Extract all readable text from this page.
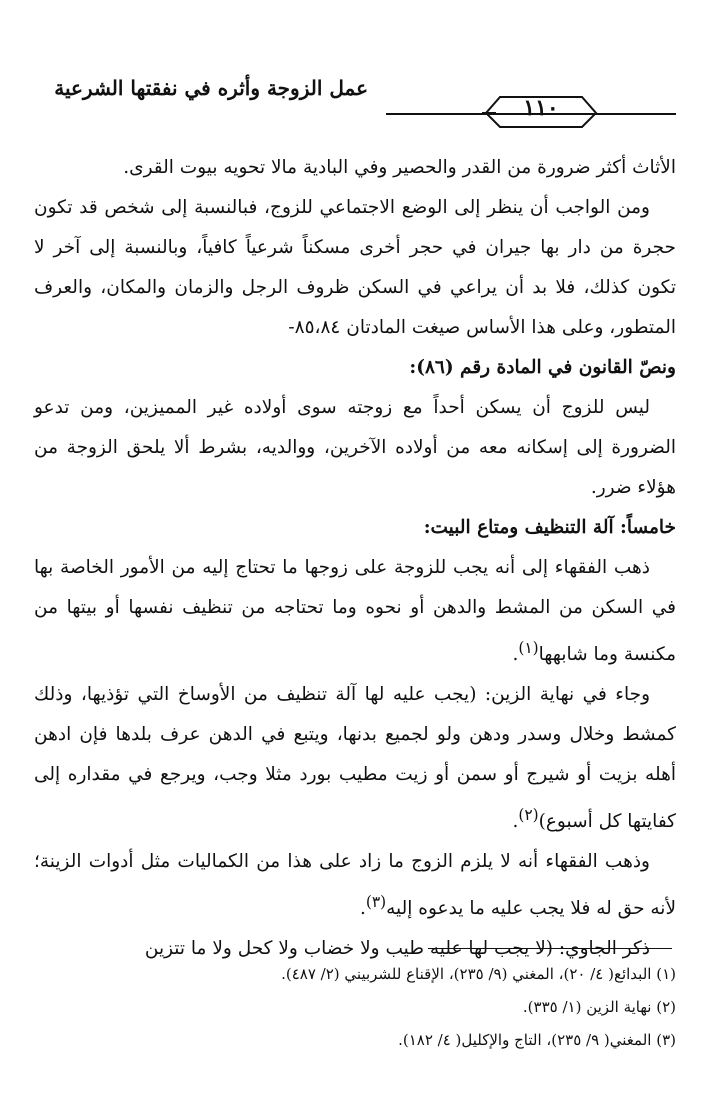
عمل الزوجة وأثره في نفقتها الشرعية
١١٠

الأثاث أكثر ضرورة من القدر والحصير وفي البادية مالا تحويه بيوت القرى.

ومن الواجب أن ينظر إلى الوضع الاجتماعي للزوج، فبالنسبة إلى شخص قد تكون حجرة من دار بها جيران في حجر أخرى مسكناً شرعياً كافياً، وبالنسبة إلى آخر لا تكون كذلك، فلا بد أن يراعي في السكن ظروف الرجل والزمان والمكان، والعرف المتطور، وعلى هذا الأساس صيغت المادتان ٨٥،٨٤-

ونصّ القانون في المادة رقم (٨٦):

ليس للزوج أن يسكن أحداً مع زوجته سوى أولاده غير المميزين، ومن تدعو الضرورة إلى إسكانه معه من أولاده الآخرين، ووالديه، بشرط ألا يلحق الزوجة من هؤلاء ضرر.

خامساً: آلة التنظيف ومتاع البيت:

ذهب الفقهاء إلى أنه يجب للزوجة على زوجها ما تحتاج إليه من الأمور الخاصة بها في السكن من المشط والدهن أو نحوه وما تحتاجه من تنظيف نفسها أو بيتها من مكنسة وما شابهها$^{(١)}$.

وجاء في نهاية الزين: (يجب عليه لها آلة تنظيف من الأوساخ التي تؤذيها، وذلك كمشط وخلال وسدر ودهن ولو لجميع بدنها، ويتبع في الدهن عرف بلدها فإن ادهن أهله بزيت أو شيرج أو سمن أو زيت مطيب بورد مثلا وجب، ويرجع في مقداره إلى كفايتها كل أسبوع)$^{(٢)}$.

وذهب الفقهاء أنه لا يلزم الزوج ما زاد على هذا من الكماليات مثل أدوات الزينة؛ لأنه حق له فلا يجب عليه ما يدعوه إليه$^{(٣)}$.

ذكر الجاوي: (لا يجب لها عليه طيب ولا خضاب ولا كحل ولا ما تتزين

(١) البدائع( ٤/ ٢٠)، المغني (٩/ ٢٣٥)، الإقناع للشربيني (٢/ ٤٨٧).

(٢) نهاية الزين (١/ ٣٣٥).

(٣) المغني( ٩/ ٢٣٥)، التاج والإكليل( ٤/ ١٨٢).
